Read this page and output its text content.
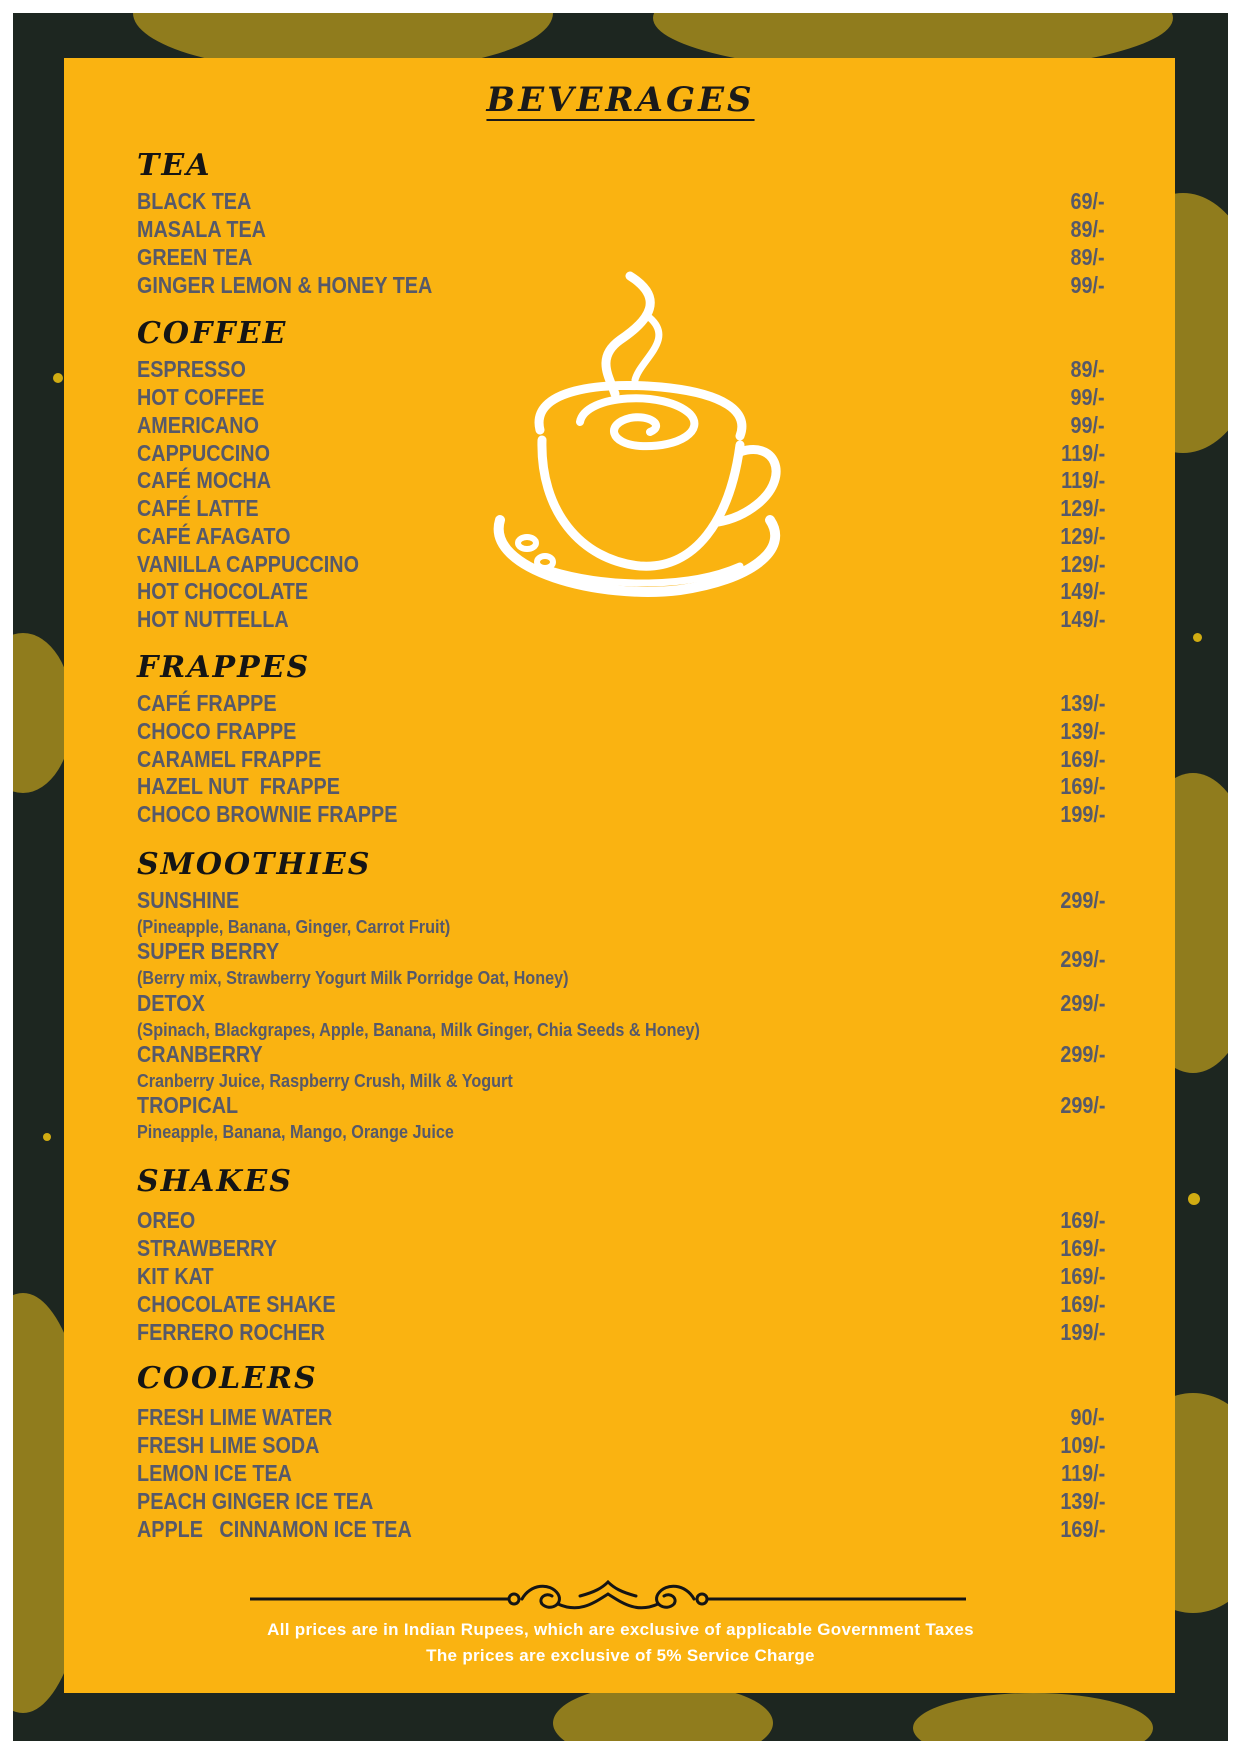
BEVERAGES
TEA
BLACK TEA	69/-
MASALA TEA	89/-
GREEN TEA	89/-
GINGER LEMON & HONEY TEA	99/-
COFFEE
ESPRESSO	89/-
HOT COFFEE	99/-
AMERICANO	99/-
CAPPUCCINO	119/-
CAFÉ MOCHA	119/-
CAFÉ LATTE	129/-
CAFÉ AFAGATO	129/-
VANILLA CAPPUCCINO	129/-
HOT CHOCOLATE	149/-
HOT NUTTELLA	149/-
FRAPPES
CAFÉ FRAPPE	139/-
CHOCO FRAPPE	139/-
CARAMEL FRAPPE	169/-
HAZEL NUT  FRAPPE	169/-
CHOCO BROWNIE FRAPPE	199/-
SMOOTHIES
SUNSHINE	299/-
(Pineapple, Banana, Ginger, Carrot Fruit)
SUPER BERRY	299/-
(Berry mix, Strawberry Yogurt Milk Porridge Oat, Honey)
DETOX	299/-
(Spinach, Blackgrapes, Apple, Banana, Milk Ginger, Chia Seeds & Honey)
CRANBERRY	299/-
Cranberry Juice, Raspberry Crush, Milk & Yogurt
TROPICAL	299/-
Pineapple, Banana, Mango, Orange Juice
SHAKES
OREO	169/-
STRAWBERRY	169/-
KIT KAT	169/-
CHOCOLATE SHAKE	169/-
FERRERO ROCHER	199/-
COOLERS
FRESH LIME WATER	90/-
FRESH LIME SODA	109/-
LEMON ICE TEA	119/-
PEACH GINGER ICE TEA	139/-
APPLE   CINNAMON ICE TEA	169/-
All prices are in Indian Rupees, which are exclusive of applicable Government Taxes
The prices are exclusive of 5% Service Charge
